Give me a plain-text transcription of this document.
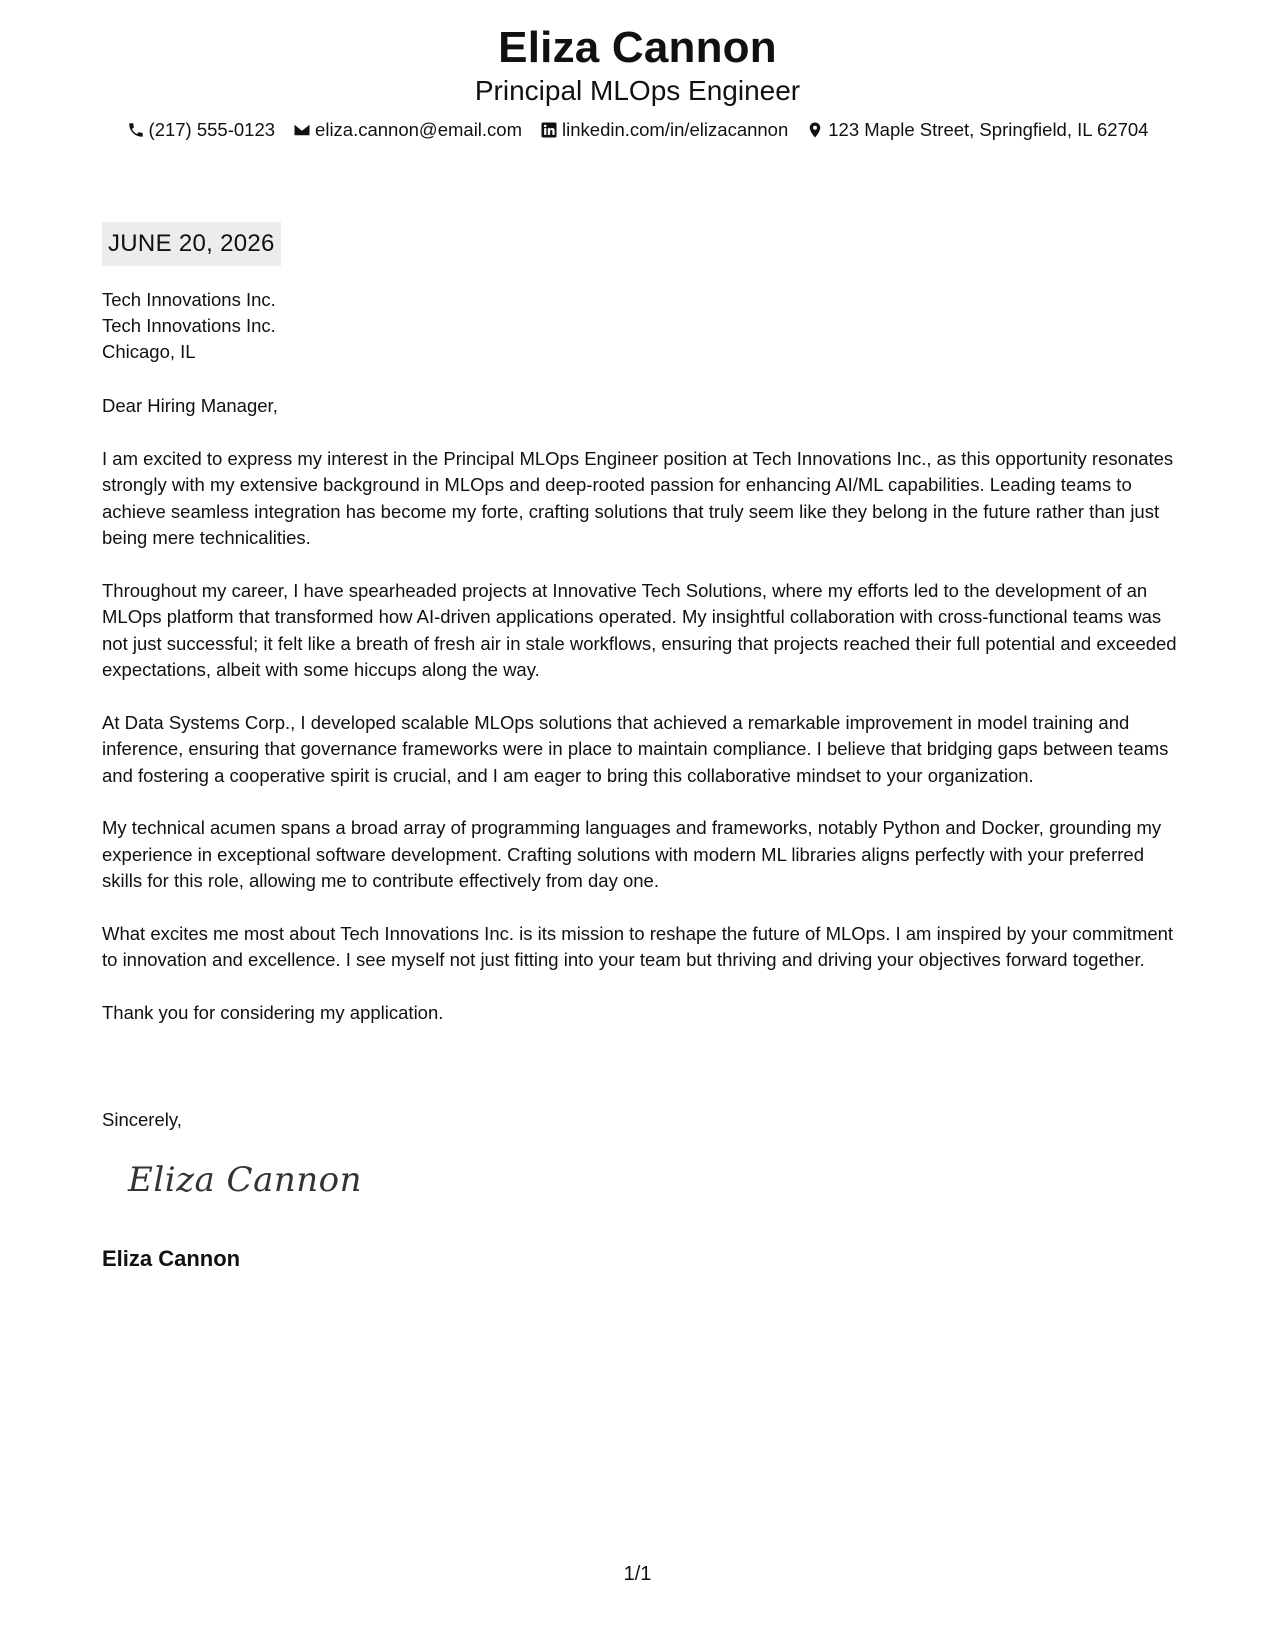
Eliza Cannon
Principal MLOps Engineer
(217) 555-0123 eliza.cannon@email.com linkedin.com/in/elizacannon 123 Maple Street, Springfield, IL 62704
JUNE 20, 2026
Tech Innovations Inc.
Tech Innovations Inc.
Chicago, IL

Dear Hiring Manager,

I am excited to express my interest in the Principal MLOps Engineer position at Tech Innovations Inc., as this opportunity resonates strongly with my extensive background in MLOps and deep-rooted passion for enhancing AI/ML capabilities. Leading teams to achieve seamless integration has become my forte, crafting solutions that truly seem like they belong in the future rather than just being mere technicalities.

Throughout my career, I have spearheaded projects at Innovative Tech Solutions, where my efforts led to the development of an MLOps platform that transformed how AI-driven applications operated. My insightful collaboration with cross-functional teams was not just successful; it felt like a breath of fresh air in stale workflows, ensuring that projects reached their full potential and exceeded expectations, albeit with some hiccups along the way.

At Data Systems Corp., I developed scalable MLOps solutions that achieved a remarkable improvement in model training and inference, ensuring that governance frameworks were in place to maintain compliance. I believe that bridging gaps between teams and fostering a cooperative spirit is crucial, and I am eager to bring this collaborative mindset to your organization.

My technical acumen spans a broad array of programming languages and frameworks, notably Python and Docker, grounding my experience in exceptional software development. Crafting solutions with modern ML libraries aligns perfectly with your preferred skills for this role, allowing me to contribute effectively from day one.

What excites me most about Tech Innovations Inc. is its mission to reshape the future of MLOps. I am inspired by your commitment to innovation and excellence. I see myself not just fitting into your team but thriving and driving your objectives forward together.

Thank you for considering my application.

Sincerely,
Eliza Cannon
Eliza Cannon
1/1
